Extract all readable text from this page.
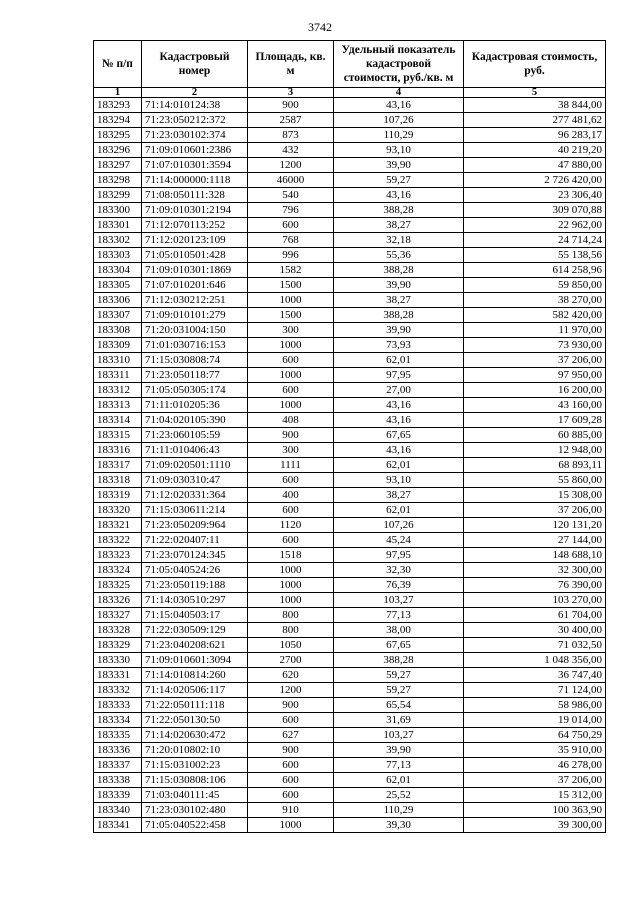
3742
№ п/п	Кадастровый номер	Площадь, кв. м	Удельный показатель кадастровой стоимости, руб./кв. м	Кадастровая стоимость, руб.
1	2	3	4	5
183293	71:14:010124:38	900	43,16	38 844,00
183294	71:23:050212:372	2587	107,26	277 481,62
183295	71:23:030102:374	873	110,29	96 283,17
183296	71:09:010601:2386	432	93,10	40 219,20
183297	71:07:010301:3594	1200	39,90	47 880,00
183298	71:14:000000:1118	46000	59,27	2 726 420,00
183299	71:08:050111:328	540	43,16	23 306,40
183300	71:09:010301:2194	796	388,28	309 070,88
183301	71:12:070113:252	600	38,27	22 962,00
183302	71:12:020123:109	768	32,18	24 714,24
183303	71:05:010501:428	996	55,36	55 138,56
183304	71:09:010301:1869	1582	388,28	614 258,96
183305	71:07:010201:646	1500	39,90	59 850,00
183306	71:12:030212:251	1000	38,27	38 270,00
183307	71:09:010101:279	1500	388,28	582 420,00
183308	71:20:031004:150	300	39,90	11 970,00
183309	71:01:030716:153	1000	73,93	73 930,00
183310	71:15:030808:74	600	62,01	37 206,00
183311	71:23:050118:77	1000	97,95	97 950,00
183312	71:05:050305:174	600	27,00	16 200,00
183313	71:11:010205:36	1000	43,16	43 160,00
183314	71:04:020105:390	408	43,16	17 609,28
183315	71:23:060105:59	900	67,65	60 885,00
183316	71:11:010406:43	300	43,16	12 948,00
183317	71:09:020501:1110	1111	62,01	68 893,11
183318	71:09:030310:47	600	93,10	55 860,00
183319	71:12:020331:364	400	38,27	15 308,00
183320	71:15:030611:214	600	62,01	37 206,00
183321	71:23:050209:964	1120	107,26	120 131,20
183322	71:22:020407:11	600	45,24	27 144,00
183323	71:23:070124:345	1518	97,95	148 688,10
183324	71:05:040524:26	1000	32,30	32 300,00
183325	71:23:050119:188	1000	76,39	76 390,00
183326	71:14:030510:297	1000	103,27	103 270,00
183327	71:15:040503:17	800	77,13	61 704,00
183328	71:22:030509:129	800	38,00	30 400,00
183329	71:23:040208:621	1050	67,65	71 032,50
183330	71:09:010601:3094	2700	388,28	1 048 356,00
183331	71:14:010814:260	620	59,27	36 747,40
183332	71:14:020506:117	1200	59,27	71 124,00
183333	71:22:050111:118	900	65,54	58 986,00
183334	71:22:050130:50	600	31,69	19 014,00
183335	71:14:020630:472	627	103,27	64 750,29
183336	71:20:010802:10	900	39,90	35 910,00
183337	71:15:031002:23	600	77,13	46 278,00
183338	71:15:030808:106	600	62,01	37 206,00
183339	71:03:040111:45	600	25,52	15 312,00
183340	71:23:030102:480	910	110,29	100 363,90
183341	71:05:040522:458	1000	39,30	39 300,00
